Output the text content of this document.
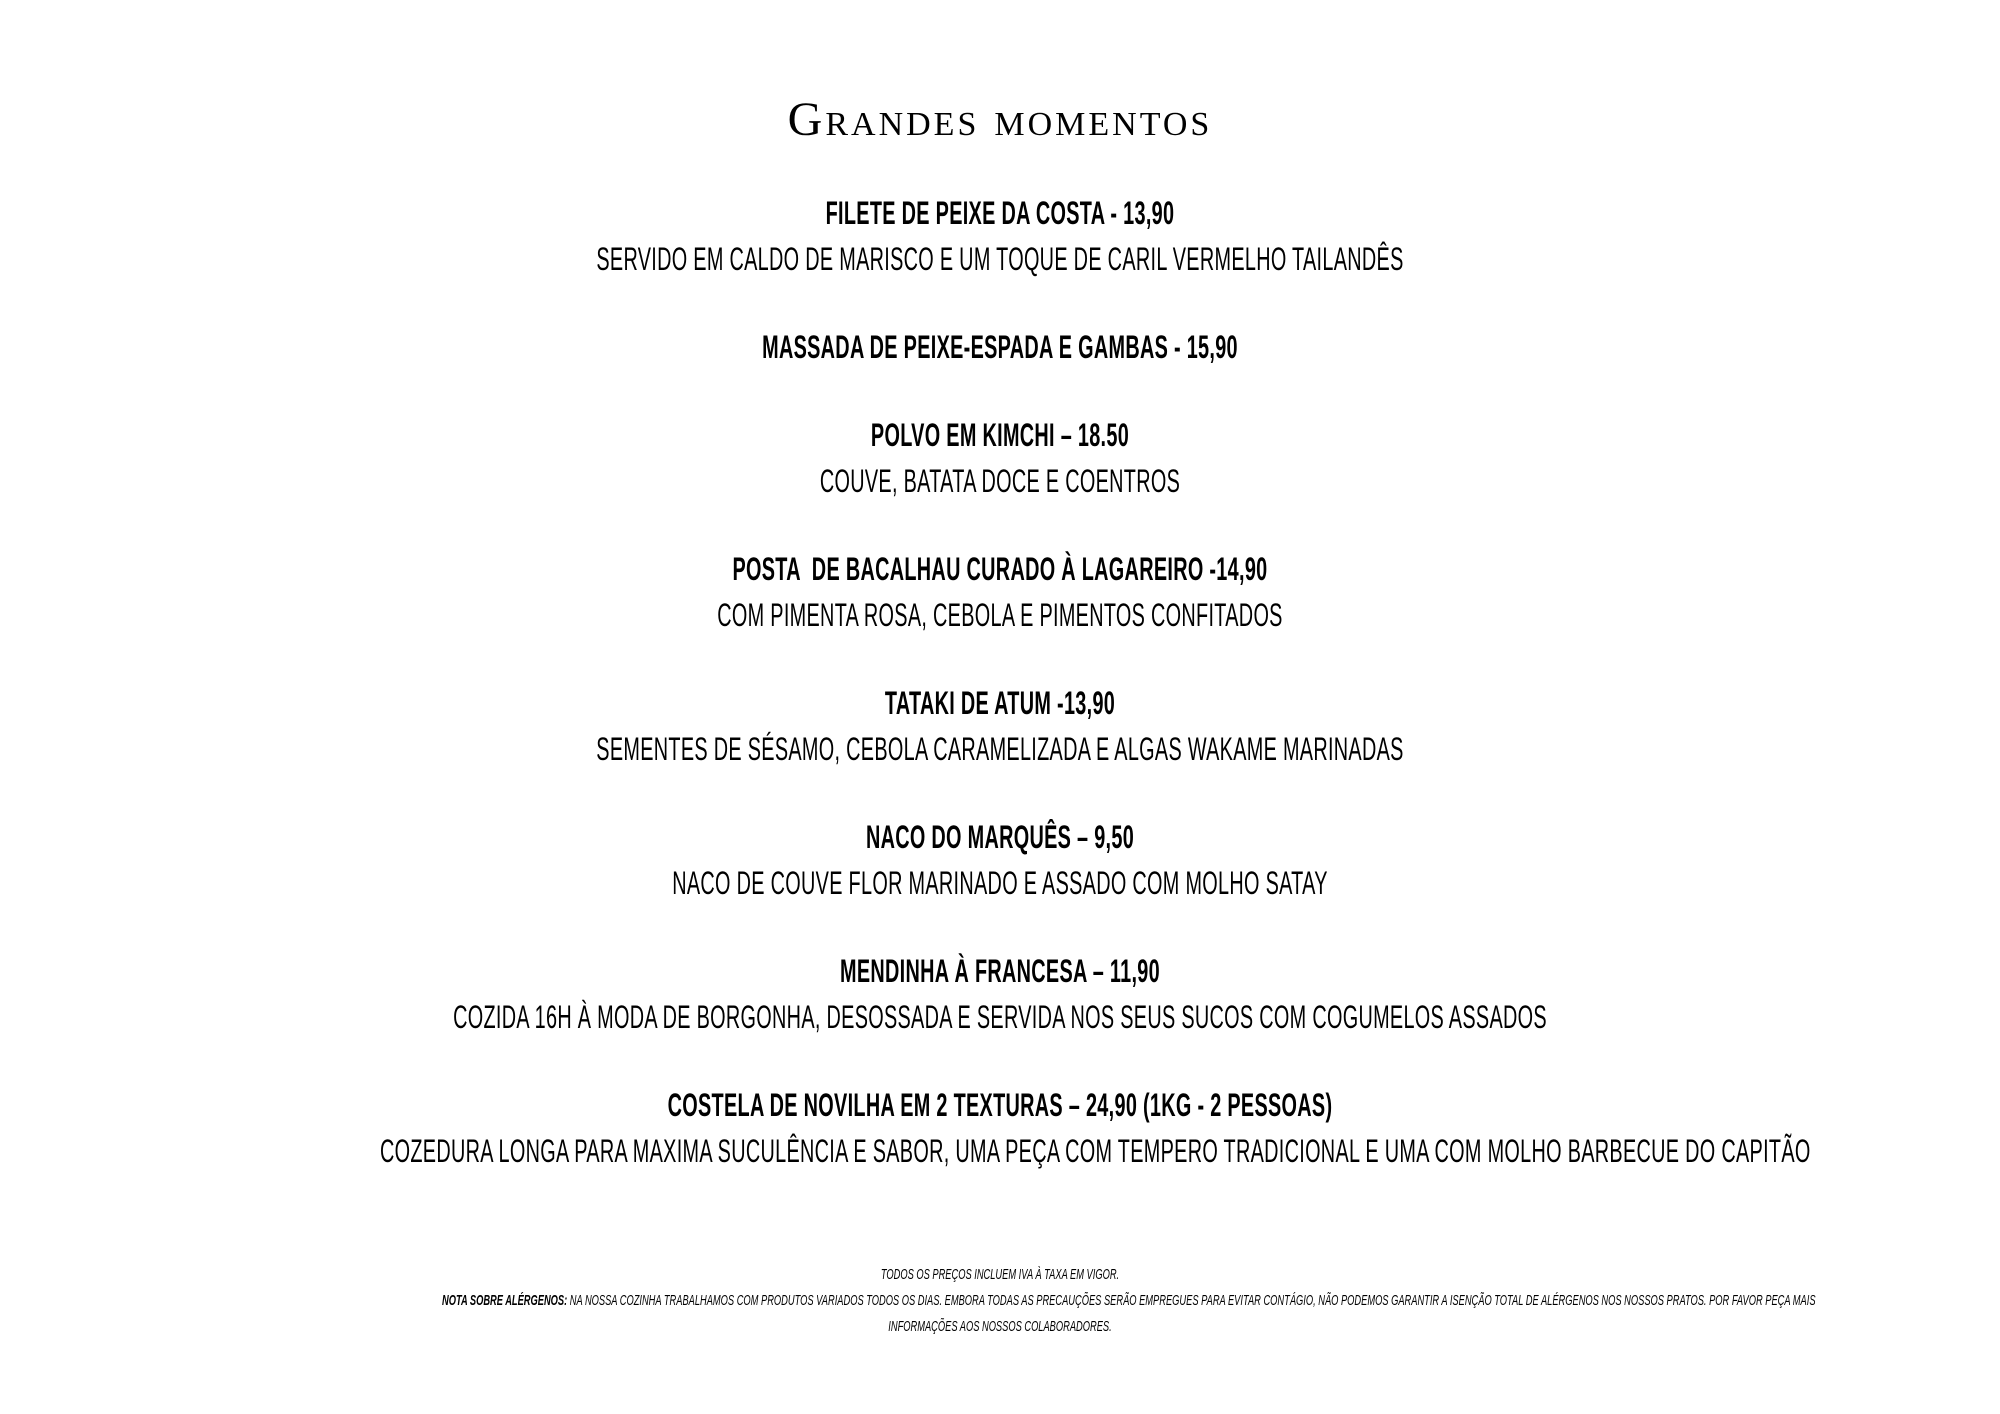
Grandes momentos
FILETE DE PEIXE DA COSTA - 13,90
SERVIDO EM CALDO DE MARISCO E UM TOQUE DE CARIL VERMELHO TAILANDÊS
MASSADA DE PEIXE-ESPADA E GAMBAS - 15,90
POLVO EM KIMCHI – 18.50
COUVE, BATATA DOCE E COENTROS
POSTA  DE BACALHAU CURADO À LAGAREIRO -14,90
COM PIMENTA ROSA, CEBOLA E PIMENTOS CONFITADOS
TATAKI DE ATUM -13,90
SEMENTES DE SÉSAMO, CEBOLA CARAMELIZADA E ALGAS WAKAME MARINADAS
NACO DO MARQUÊS – 9,50
NACO DE COUVE FLOR MARINADO E ASSADO COM MOLHO SATAY
MENDINHA À FRANCESA – 11,90
COZIDA 16H À MODA DE BORGONHA, DESOSSADA E SERVIDA NOS SEUS SUCOS COM COGUMELOS ASSADOS
COSTELA DE NOVILHA EM 2 TEXTURAS – 24,90 (1KG - 2 PESSOAS)
COZEDURA LONGA PARA MAXIMA SUCULÊNCIA E SABOR, UMA PEÇA COM TEMPERO TRADICIONAL E UMA COM MOLHO BARBECUE DO CAPITÃO
TODOS OS PREÇOS INCLUEM IVA À TAXA EM VIGOR.
NOTA SOBRE ALÉRGENOS: NA NOSSA COZINHA TRABALHAMOS COM PRODUTOS VARIADOS TODOS OS DIAS. EMBORA TODAS AS PRECAUÇÕES SERÃO EMPREGUES PARA EVITAR CONTÁGIO, NÃO PODEMOS GARANTIR A ISENÇÃO TOTAL DE ALÉRGENOS NOS NOSSOS PRATOS. POR FAVOR PEÇA MAIS
INFORMAÇÕES AOS NOSSOS COLABORADORES.
